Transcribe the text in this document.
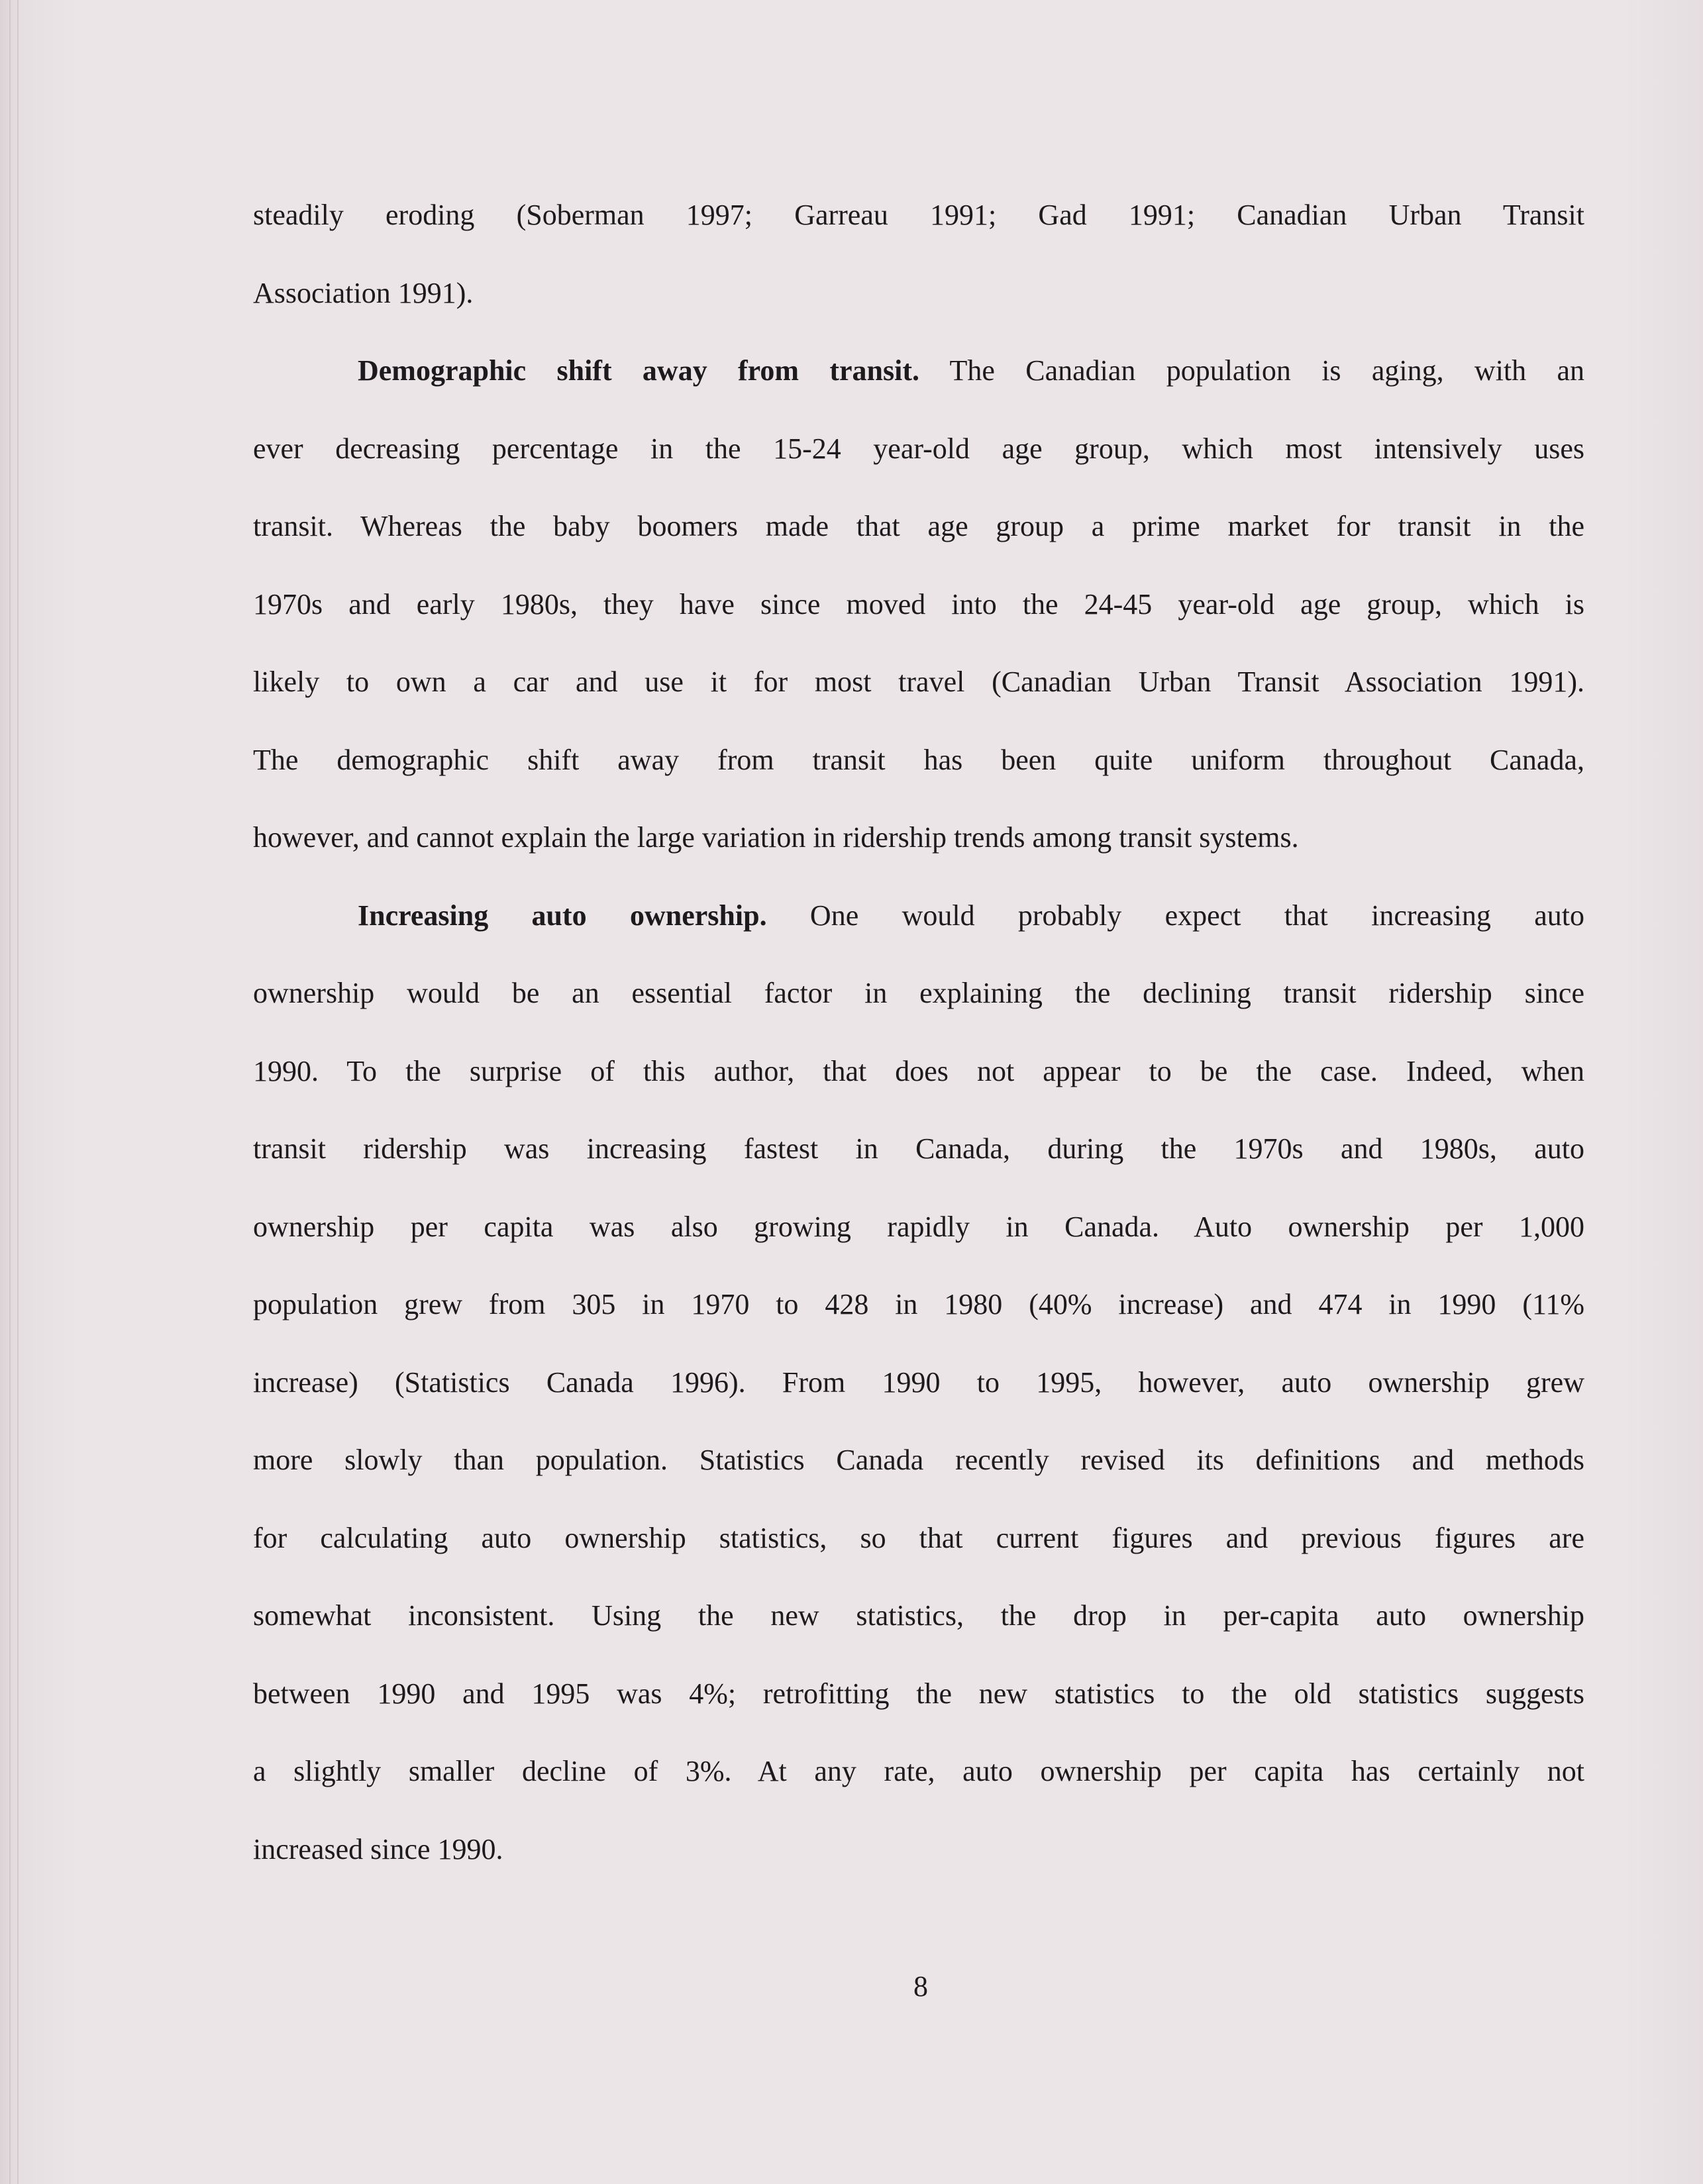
steadily eroding (Soberman 1997; Garreau 1991; Gad 1991; Canadian Urban Transit
Association 1991).
Demographic shift away from transit. The Canadian population is aging, with an
ever decreasing percentage in the 15-24 year-old age group, which most intensively uses
transit. Whereas the baby boomers made that age group a prime market for transit in the
1970s and early 1980s, they have since moved into the 24-45 year-old age group, which is
likely to own a car and use it for most travel (Canadian Urban Transit Association 1991).
The demographic shift away from transit has been quite uniform throughout Canada,
however, and cannot explain the large variation in ridership trends among transit systems.
Increasing auto ownership. One would probably expect that increasing auto
ownership would be an essential factor in explaining the declining transit ridership since
1990. To the surprise of this author, that does not appear to be the case. Indeed, when
transit ridership was increasing fastest in Canada, during the 1970s and 1980s, auto
ownership per capita was also growing rapidly in Canada. Auto ownership per 1,000
population grew from 305 in 1970 to 428 in 1980 (40% increase) and 474 in 1990 (11%
increase) (Statistics Canada 1996). From 1990 to 1995, however, auto ownership grew
more slowly than population. Statistics Canada recently revised its definitions and methods
for calculating auto ownership statistics, so that current figures and previous figures are
somewhat inconsistent. Using the new statistics, the drop in per-capita auto ownership
between 1990 and 1995 was 4%; retrofitting the new statistics to the old statistics suggests
a slightly smaller decline of 3%. At any rate, auto ownership per capita has certainly not
increased since 1990.
8
